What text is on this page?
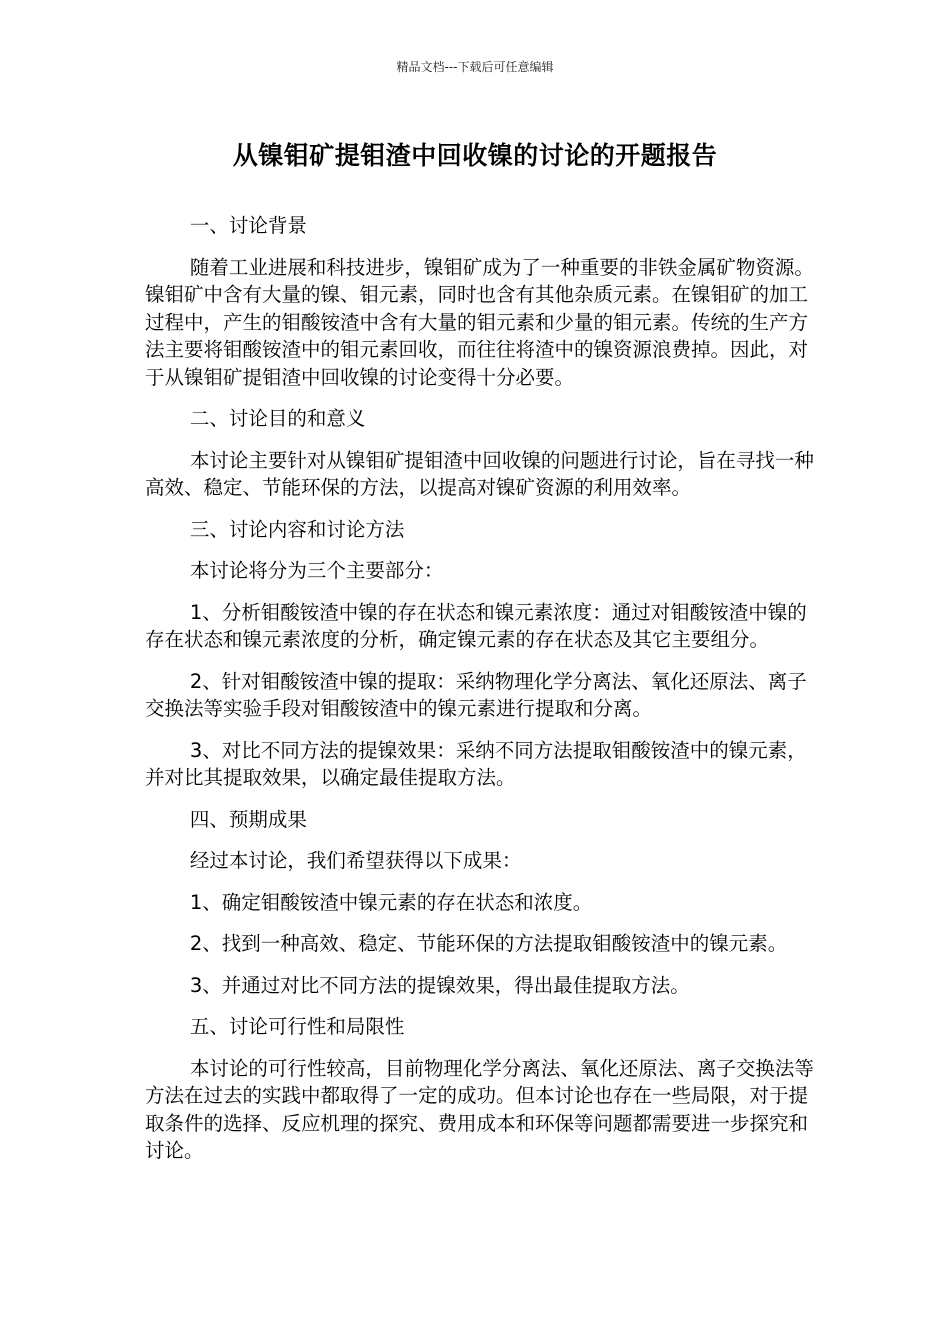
精品文档---下载后可任意编辑
从镍钼矿提钼渣中回收镍的讨论的开题报告

一、讨论背景

随着工业进展和科技进步，镍钼矿成为了一种重要的非铁金属矿物资源。镍钼矿中含有大量的镍、钼元素，同时也含有其他杂质元素。在镍钼矿的加工过程中，产生的钼酸铵渣中含有大量的钼元素和少量的钼元素。传统的生产方法主要将钼酸铵渣中的钼元素回收，而往往将渣中的镍资源浪费掉。因此，对于从镍钼矿提钼渣中回收镍的讨论变得十分必要。

二、讨论目的和意义

本讨论主要针对从镍钼矿提钼渣中回收镍的问题进行讨论，旨在寻找一种高效、稳定、节能环保的方法，以提高对镍矿资源的利用效率。

三、讨论内容和讨论方法

本讨论将分为三个主要部分：

1、分析钼酸铵渣中镍的存在状态和镍元素浓度：通过对钼酸铵渣中镍的存在状态和镍元素浓度的分析，确定镍元素的存在状态及其它主要组分。

2、针对钼酸铵渣中镍的提取：采纳物理化学分离法、氧化还原法、离子交换法等实验手段对钼酸铵渣中的镍元素进行提取和分离。

3、对比不同方法的提镍效果：采纳不同方法提取钼酸铵渣中的镍元素，并对比其提取效果，以确定最佳提取方法。

四、预期成果

经过本讨论，我们希望获得以下成果：

1、确定钼酸铵渣中镍元素的存在状态和浓度。

2、找到一种高效、稳定、节能环保的方法提取钼酸铵渣中的镍元素。

3、并通过对比不同方法的提镍效果，得出最佳提取方法。

五、讨论可行性和局限性

本讨论的可行性较高，目前物理化学分离法、氧化还原法、离子交换法等方法在过去的实践中都取得了一定的成功。但本讨论也存在一些局限，对于提取条件的选择、反应机理的探究、费用成本和环保等问题都需要进一步探究和讨论。
